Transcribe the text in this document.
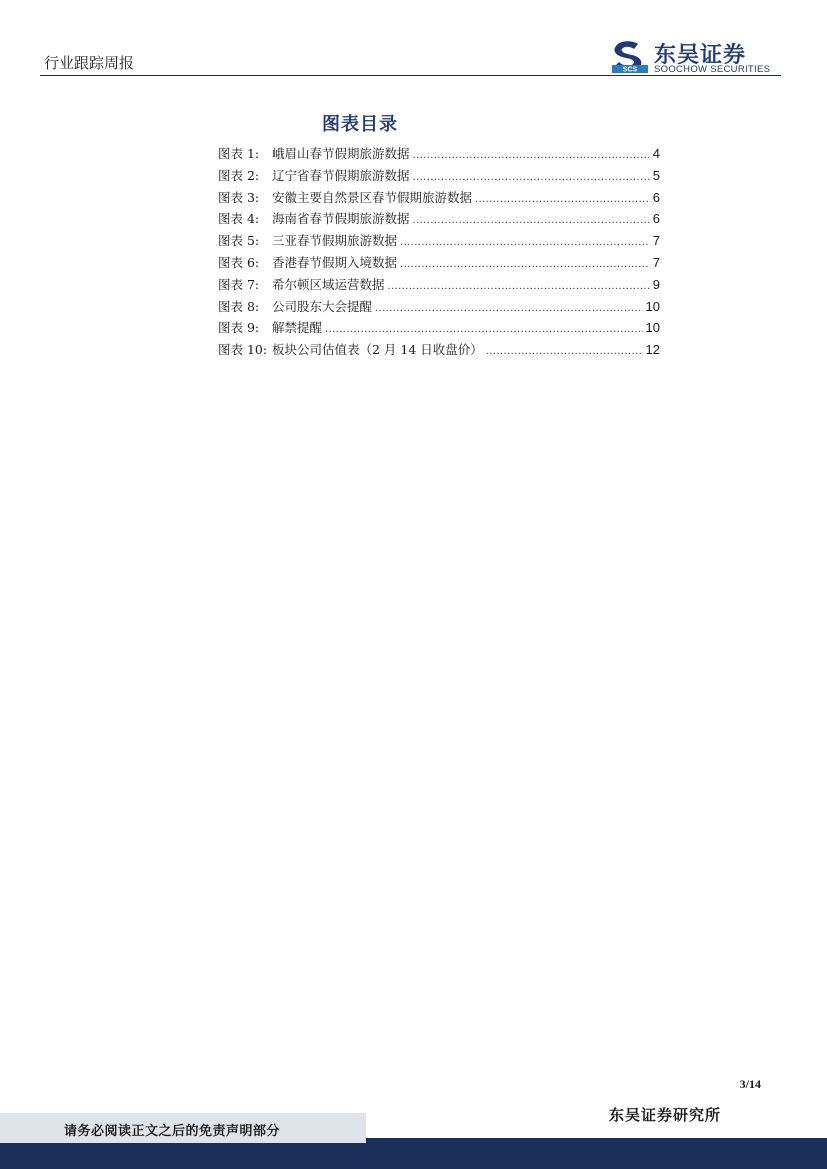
行业跟踪周报	SCS
东吴证券
SOOCHOW SECURITIES
图表目录
图表 1:	峨眉山春节假期旅游数据 .....	4
图表 2:	辽宁省春节假期旅游数据 .....	5
图表 3:	安徽主要自然景区春节假期旅游数据 .....	6
图表 4:	海南省春节假期旅游数据 .....	6
图表 5:	三亚春节假期旅游数据 .....	7
图表 6:	香港春节假期入境数据 .....	7
图表 7:	希尔顿区域运营数据 .....	9
图表 8:	公司股东大会提醒 .....	10
图表 9:	解禁提醒 .....	10
图表 10: 板块公司估值表（2 月 14 日收盘价） .....	12
3/14
东吴证券研究所
请务必阅读正文之后的免责声明部分
